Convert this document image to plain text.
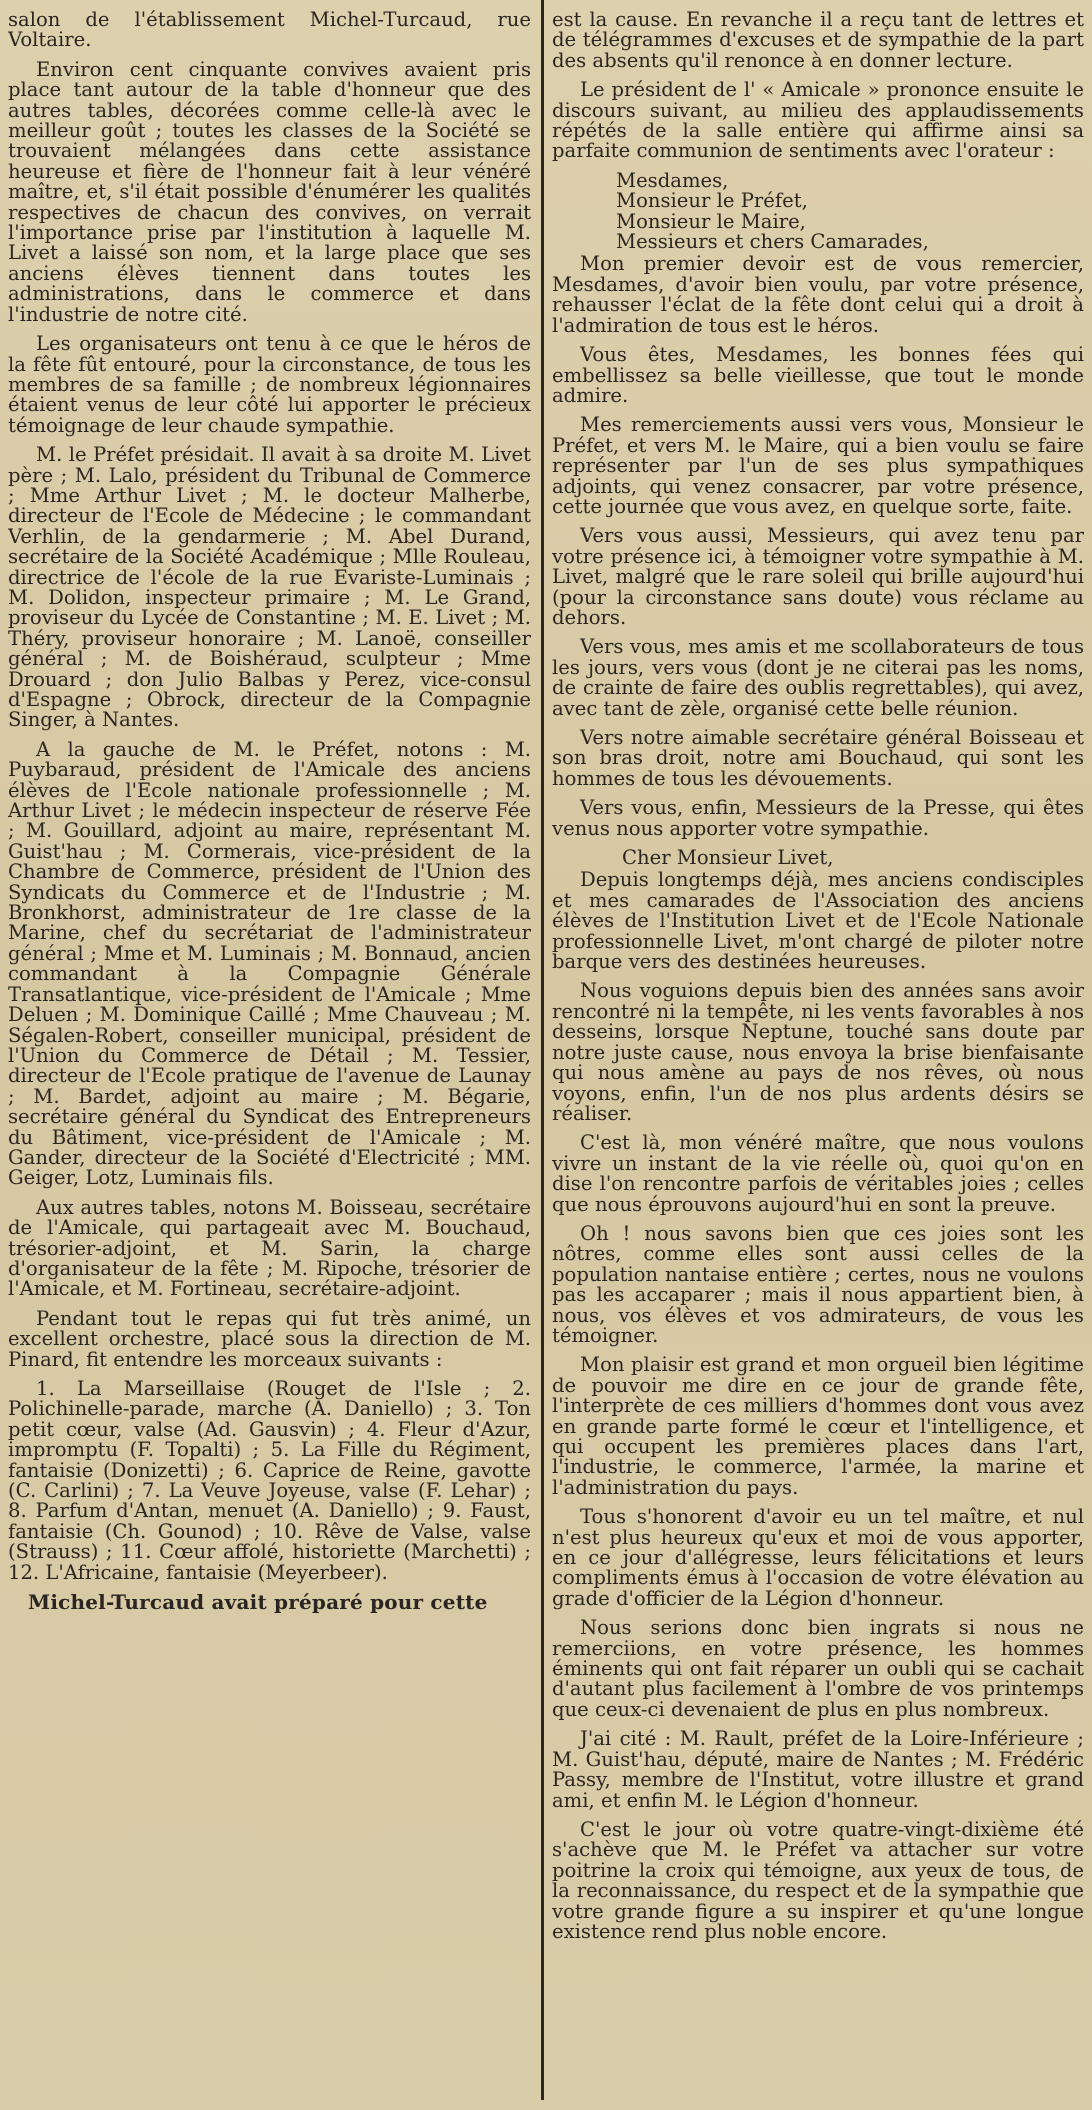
salon de l'établissement Michel-Turcaud, rue Voltaire.

Environ cent cinquante convives avaient pris place tant autour de la table d'honneur que des autres tables, décorées comme celle-là avec le meilleur goût ; toutes les classes de la Société se trouvaient mélangées dans cette assistance heureuse et fière de l'honneur fait à leur vénéré maître, et, s'il était possible d'énumérer les qualités respectives de chacun des convives, on verrait l'importance prise par l'institution à laquelle M. Livet a laissé son nom, et la large place que ses anciens élèves tiennent dans toutes les administrations, dans le commerce et dans l'industrie de notre cité.

Les organisateurs ont tenu à ce que le héros de la fête fût entouré, pour la circonstance, de tous les membres de sa famille ; de nombreux légionnaires étaient venus de leur côté lui apporter le précieux témoignage de leur chaude sympathie.

M. le Préfet présidait. Il avait à sa droite M. Livet père ; M. Lalo, président du Tribunal de Commerce ; Mme Arthur Livet ; M. le docteur Malherbe, directeur de l'Ecole de Médecine ; le commandant Verhlin, de la gendarmerie ; M. Abel Durand, secrétaire de la Société Académique ; Mlle Rouleau, directrice de l'école de la rue Evariste-Luminais ; M. Dolidon, inspecteur primaire ; M. Le Grand, proviseur du Lycée de Constantine ; M. E. Livet ; M. Théry, proviseur honoraire ; M. Lanoë, conseiller général ; M. de Boishéraud, sculpteur ; Mme Drouard ; don Julio Balbas y Perez, vice-consul d'Espagne ; Obrock, directeur de la Compagnie Singer, à Nantes.

A la gauche de M. le Préfet, notons : M. Puybaraud, président de l'Amicale des anciens élèves de l'Ecole nationale professionnelle ; M. Arthur Livet ; le médecin inspecteur de réserve Fée ; M. Gouillard, adjoint au maire, représentant M. Guist'hau ; M. Cormerais, vice-président de la Chambre de Commerce, président de l'Union des Syndicats du Commerce et de l'Industrie ; M. Bronkhorst, administrateur de 1re classe de la Marine, chef du secrétariat de l'administrateur général ; Mme et M. Luminais ; M. Bonnaud, ancien commandant à la Compagnie Générale Transatlantique, vice-président de l'Amicale ; Mme Deluen ; M. Dominique Caillé ; Mme Chauveau ; M. Ségalen-Robert, conseiller municipal, président de l'Union du Commerce de Détail ; M. Tessier, directeur de l'Ecole pratique de l'avenue de Launay ; M. Bardet, adjoint au maire ; M. Bégarie, secrétaire général du Syndicat des Entrepreneurs du Bâtiment, vice-président de l'Amicale ; M. Gander, directeur de la Société d'Electricité ; MM. Geiger, Lotz, Luminais fils.

Aux autres tables, notons M. Boisseau, secrétaire de l'Amicale, qui partageait avec M. Bouchaud, trésorier-adjoint, et M. Sarin, la charge d'organisateur de la fête ; M. Ripoche, trésorier de l'Amicale, et M. Fortineau, secrétaire-adjoint.

Pendant tout le repas qui fut très animé, un excellent orchestre, placé sous la direction de M. Pinard, fit entendre les morceaux suivants :

1. La Marseillaise (Rouget de l'Isle ; 2. Polichinelle-parade, marche (A. Daniello) ; 3. Ton petit cœur, valse (Ad. Gausvin) ; 4. Fleur d'Azur, impromptu (F. Topalti) ; 5. La Fille du Régiment, fantaisie (Donizetti) ; 6. Caprice de Reine, gavotte (C. Carlini) ; 7. La Veuve Joyeuse, valse (F. Lehar) ; 8. Parfum d'Antan, menuet (A. Daniello) ; 9. Faust, fantaisie (Ch. Gounod) ; 10. Rêve de Valse, valse (Strauss) ; 11. Cœur affolé, historiette (Marchetti) ; 12. L'Africaine, fantaisie (Meyerbeer).

Michel-Turcaud avait préparé pour cette

est la cause. En revanche il a reçu tant de lettres et de télégrammes d'excuses et de sympathie de la part des absents qu'il renonce à en donner lecture.

Le président de l' « Amicale » prononce ensuite le discours suivant, au milieu des applaudissements répétés de la salle entière qui affirme ainsi sa parfaite communion de sentiments avec l'orateur :

Mesdames,
Monsieur le Préfet,
Monsieur le Maire,
Messieurs et chers Camarades,

Mon premier devoir est de vous remercier, Mesdames, d'avoir bien voulu, par votre présence, rehausser l'éclat de la fête dont celui qui a droit à l'admiration de tous est le héros.

Vous êtes, Mesdames, les bonnes fées qui embellissez sa belle vieillesse, que tout le monde admire.

Mes remerciements aussi vers vous, Monsieur le Préfet, et vers M. le Maire, qui a bien voulu se faire représenter par l'un de ses plus sympathiques adjoints, qui venez consacrer, par votre présence, cette journée que vous avez, en quelque sorte, faite.

Vers vous aussi, Messieurs, qui avez tenu par votre présence ici, à témoigner votre sympathie à M. Livet, malgré que le rare soleil qui brille aujourd'hui (pour la circonstance sans doute) vous réclame au dehors.

Vers vous, mes amis et me scollaborateurs de tous les jours, vers vous (dont je ne citerai pas les noms, de crainte de faire des oublis regrettables), qui avez, avec tant de zèle, organisé cette belle réunion.

Vers notre aimable secrétaire général Boisseau et son bras droit, notre ami Bouchaud, qui sont les hommes de tous les dévouements.

Vers vous, enfin, Messieurs de la Presse, qui êtes venus nous apporter votre sympathie.

Cher Monsieur Livet,

Depuis longtemps déjà, mes anciens condisciples et mes camarades de l'Association des anciens élèves de l'Institution Livet et de l'Ecole Nationale professionnelle Livet, m'ont chargé de piloter notre barque vers des destinées heureuses.

Nous voguions depuis bien des années sans avoir rencontré ni la tempête, ni les vents favorables à nos desseins, lorsque Neptune, touché sans doute par notre juste cause, nous envoya la brise bienfaisante qui nous amène au pays de nos rêves, où nous voyons, enfin, l'un de nos plus ardents désirs se réaliser.

C'est là, mon vénéré maître, que nous voulons vivre un instant de la vie réelle où, quoi qu'on en dise l'on rencontre parfois de véritables joies ; celles que nous éprouvons aujourd'hui en sont la preuve.

Oh ! nous savons bien que ces joies sont les nôtres, comme elles sont aussi celles de la population nantaise entière ; certes, nous ne voulons pas les accaparer ; mais il nous appartient bien, à nous, vos élèves et vos admirateurs, de vous les témoigner.

Mon plaisir est grand et mon orgueil bien légitime de pouvoir me dire en ce jour de grande fête, l'interprète de ces milliers d'hommes dont vous avez en grande parte formé le cœur et l'intelligence, et qui occupent les premières places dans l'art, l'industrie, le commerce, l'armée, la marine et l'administration du pays.

Tous s'honorent d'avoir eu un tel maître, et nul n'est plus heureux qu'eux et moi de vous apporter, en ce jour d'allégresse, leurs félicitations et leurs compliments émus à l'occasion de votre élévation au grade d'officier de la Légion d'honneur.

Nous serions donc bien ingrats si nous ne remerciions, en votre présence, les hommes éminents qui ont fait réparer un oubli qui se cachait d'autant plus facilement à l'ombre de vos printemps que ceux-ci devenaient de plus en plus nombreux.

J'ai cité : M. Rault, préfet de la Loire-Inférieure ; M. Guist'hau, député, maire de Nantes ; M. Frédéric Passy, membre de l'Institut, votre illustre et grand ami, et enfin M. le Légion d'honneur.

C'est le jour où votre quatre-vingt-dixième été s'achève que M. le Préfet va attacher sur votre poitrine la croix qui témoigne, aux yeux de tous, de la reconnaissance, du respect et de la sympathie que votre grande figure a su inspirer et qu'une longue existence rend plus noble encore.
